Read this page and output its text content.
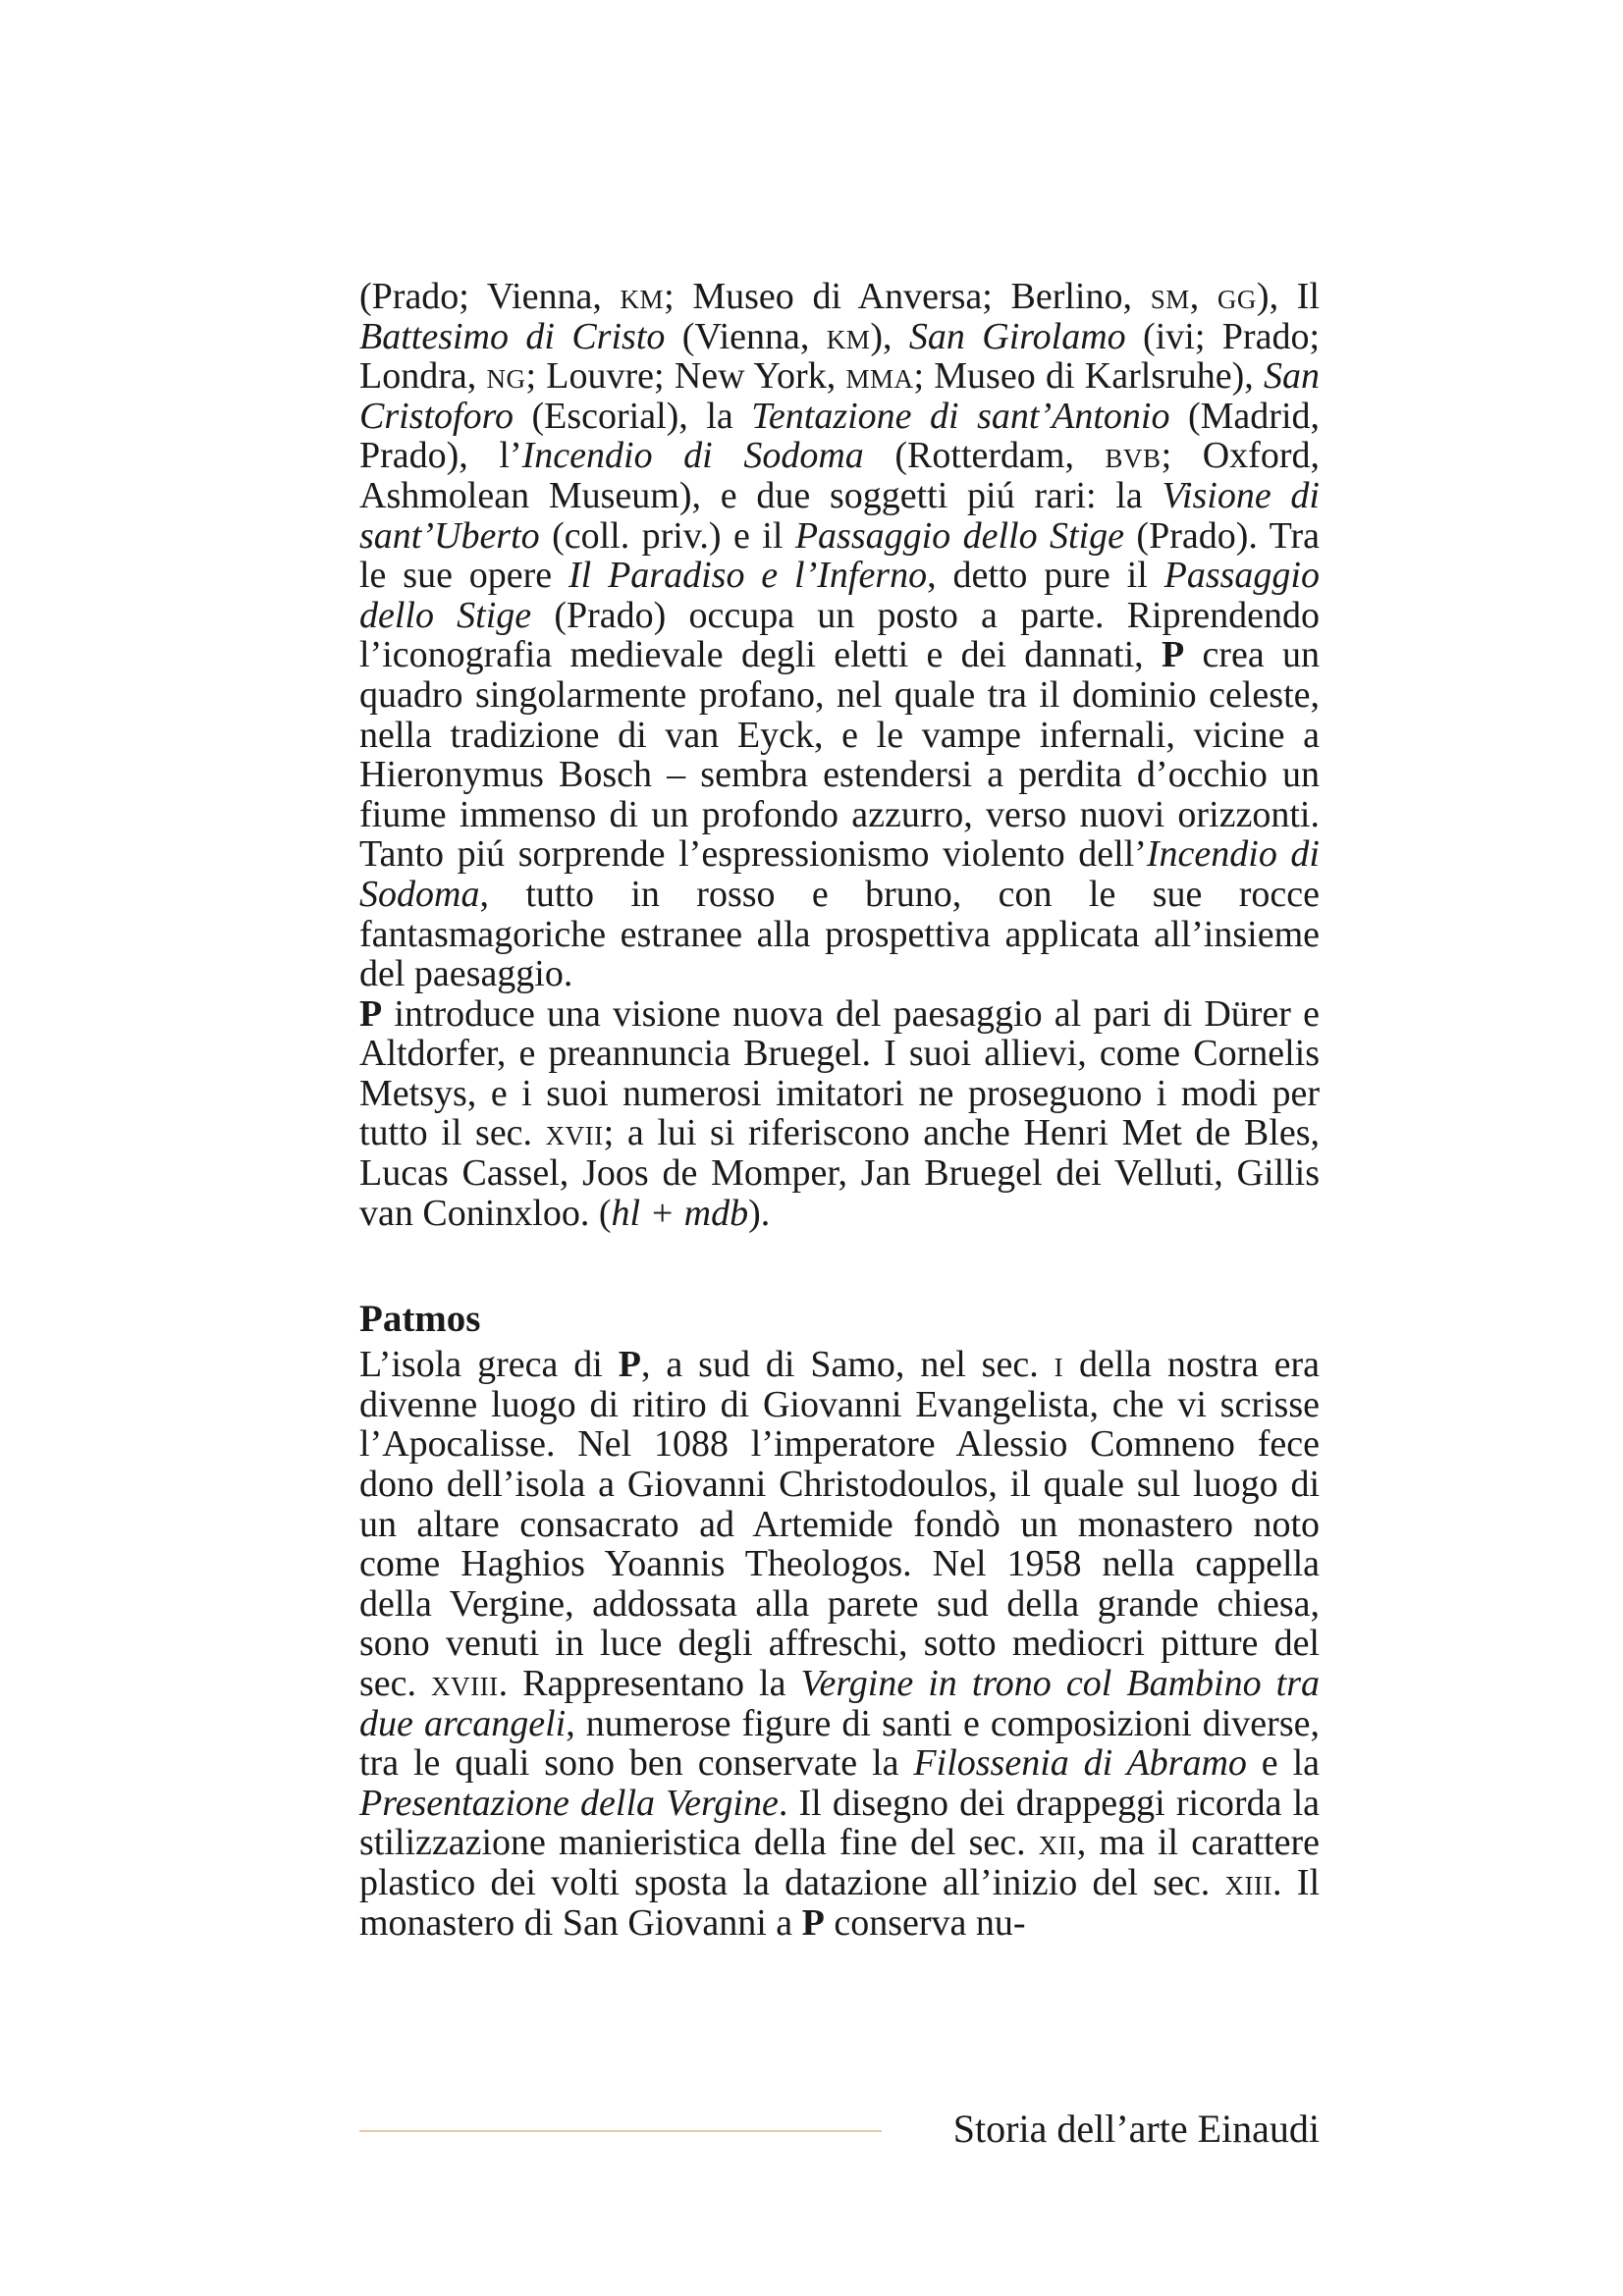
(Prado; Vienna, km; Museo di Anversa; Berlino, sm, gg), Il Battesimo di Cristo (Vienna, km), San Girolamo (ivi; Prado; Londra, ng; Louvre; New York, mma; Museo di Karlsruhe), San Cristoforo (Escorial), la Tentazione di sant’Antonio (Madrid, Prado), l’Incendio di Sodoma (Rotterdam, bvb; Oxford, Ashmolean Museum), e due soggetti piú rari: la Visione di sant’Uberto (coll. priv.) e il Passaggio dello Stige (Prado). Tra le sue opere Il Paradiso e l’Inferno, detto pure il Passaggio dello Stige (Prado) occupa un posto a parte. Riprendendo l’iconografia medievale degli eletti e dei dannati, P crea un quadro singolarmente profano, nel quale tra il dominio celeste, nella tradizione di van Eyck, e le vampe infernali, vicine a Hieronymus Bosch – sembra estendersi a perdita d’occhio un fiume immenso di un profondo azzurro, verso nuovi orizzonti. Tanto piú sorprende l’espressionismo violento dell’Incendio di Sodoma, tutto in rosso e bruno, con le sue rocce fantasmagoriche estranee alla prospettiva applicata all’insieme del paesaggio.

P introduce una visione nuova del paesaggio al pari di Dürer e Altdorfer, e preannuncia Bruegel. I suoi allievi, come Cornelis Metsys, e i suoi numerosi imitatori ne proseguono i modi per tutto il sec. xvii; a lui si riferiscono anche Henri Met de Bles, Lucas Cassel, Joos de Momper, Jan Bruegel dei Velluti, Gillis van Coninxloo. (hl + mdb).

Patmos

L’isola greca di P, a sud di Samo, nel sec. i della nostra era divenne luogo di ritiro di Giovanni Evangelista, che vi scrisse l’Apocalisse. Nel 1088 l’imperatore Alessio Comneno fece dono dell’isola a Giovanni Christodoulos, il quale sul luogo di un altare consacrato ad Artemide fondò un monastero noto come Haghios Yoannis Theologos. Nel 1958 nella cappella della Vergine, addossata alla parete sud della grande chiesa, sono venuti in luce degli affreschi, sotto mediocri pitture del sec. xviii. Rappresentano la Vergine in trono col Bambino tra due arcangeli, numerose figure di santi e composizioni diverse, tra le quali sono ben conservate la Filossenia di Abramo e la Presentazione della Vergine. Il disegno dei drappeggi ricorda la stilizzazione manieristica della fine del sec. xii, ma il carattere plastico dei volti sposta la datazione all’inizio del sec. xiii. Il monastero di San Giovanni a P conserva nu-

Storia dell’arte Einaudi
